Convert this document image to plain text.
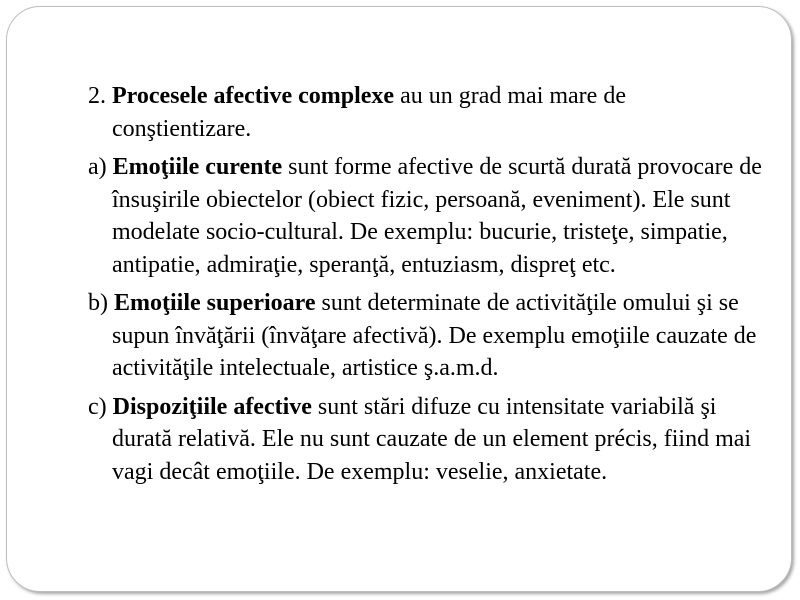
2. Procesele afective complexe au un grad mai mare de conştientizare.

a) Emoţiile curente sunt forme afective de scurtă durată provocare de însuşirile obiectelor (obiect fizic, persoană, eveniment). Ele sunt modelate socio-cultural. De exemplu: bucurie, tristeţe, simpatie, antipatie, admiraţie, speranţă, entuziasm, dispreţ etc.

b) Emoţiile superioare sunt determinate de activităţile omului şi se supun învăţării (învăţare afectivă). De exemplu emoţiile cauzate de activităţile intelectuale, artistice ş.a.m.d.

c) Dispoziţiile afective sunt stări difuze cu intensitate variabilă şi durată relativă. Ele nu sunt cauzate de un element précis, fiind mai vagi decât emoţiile. De exemplu: veselie, anxietate.
